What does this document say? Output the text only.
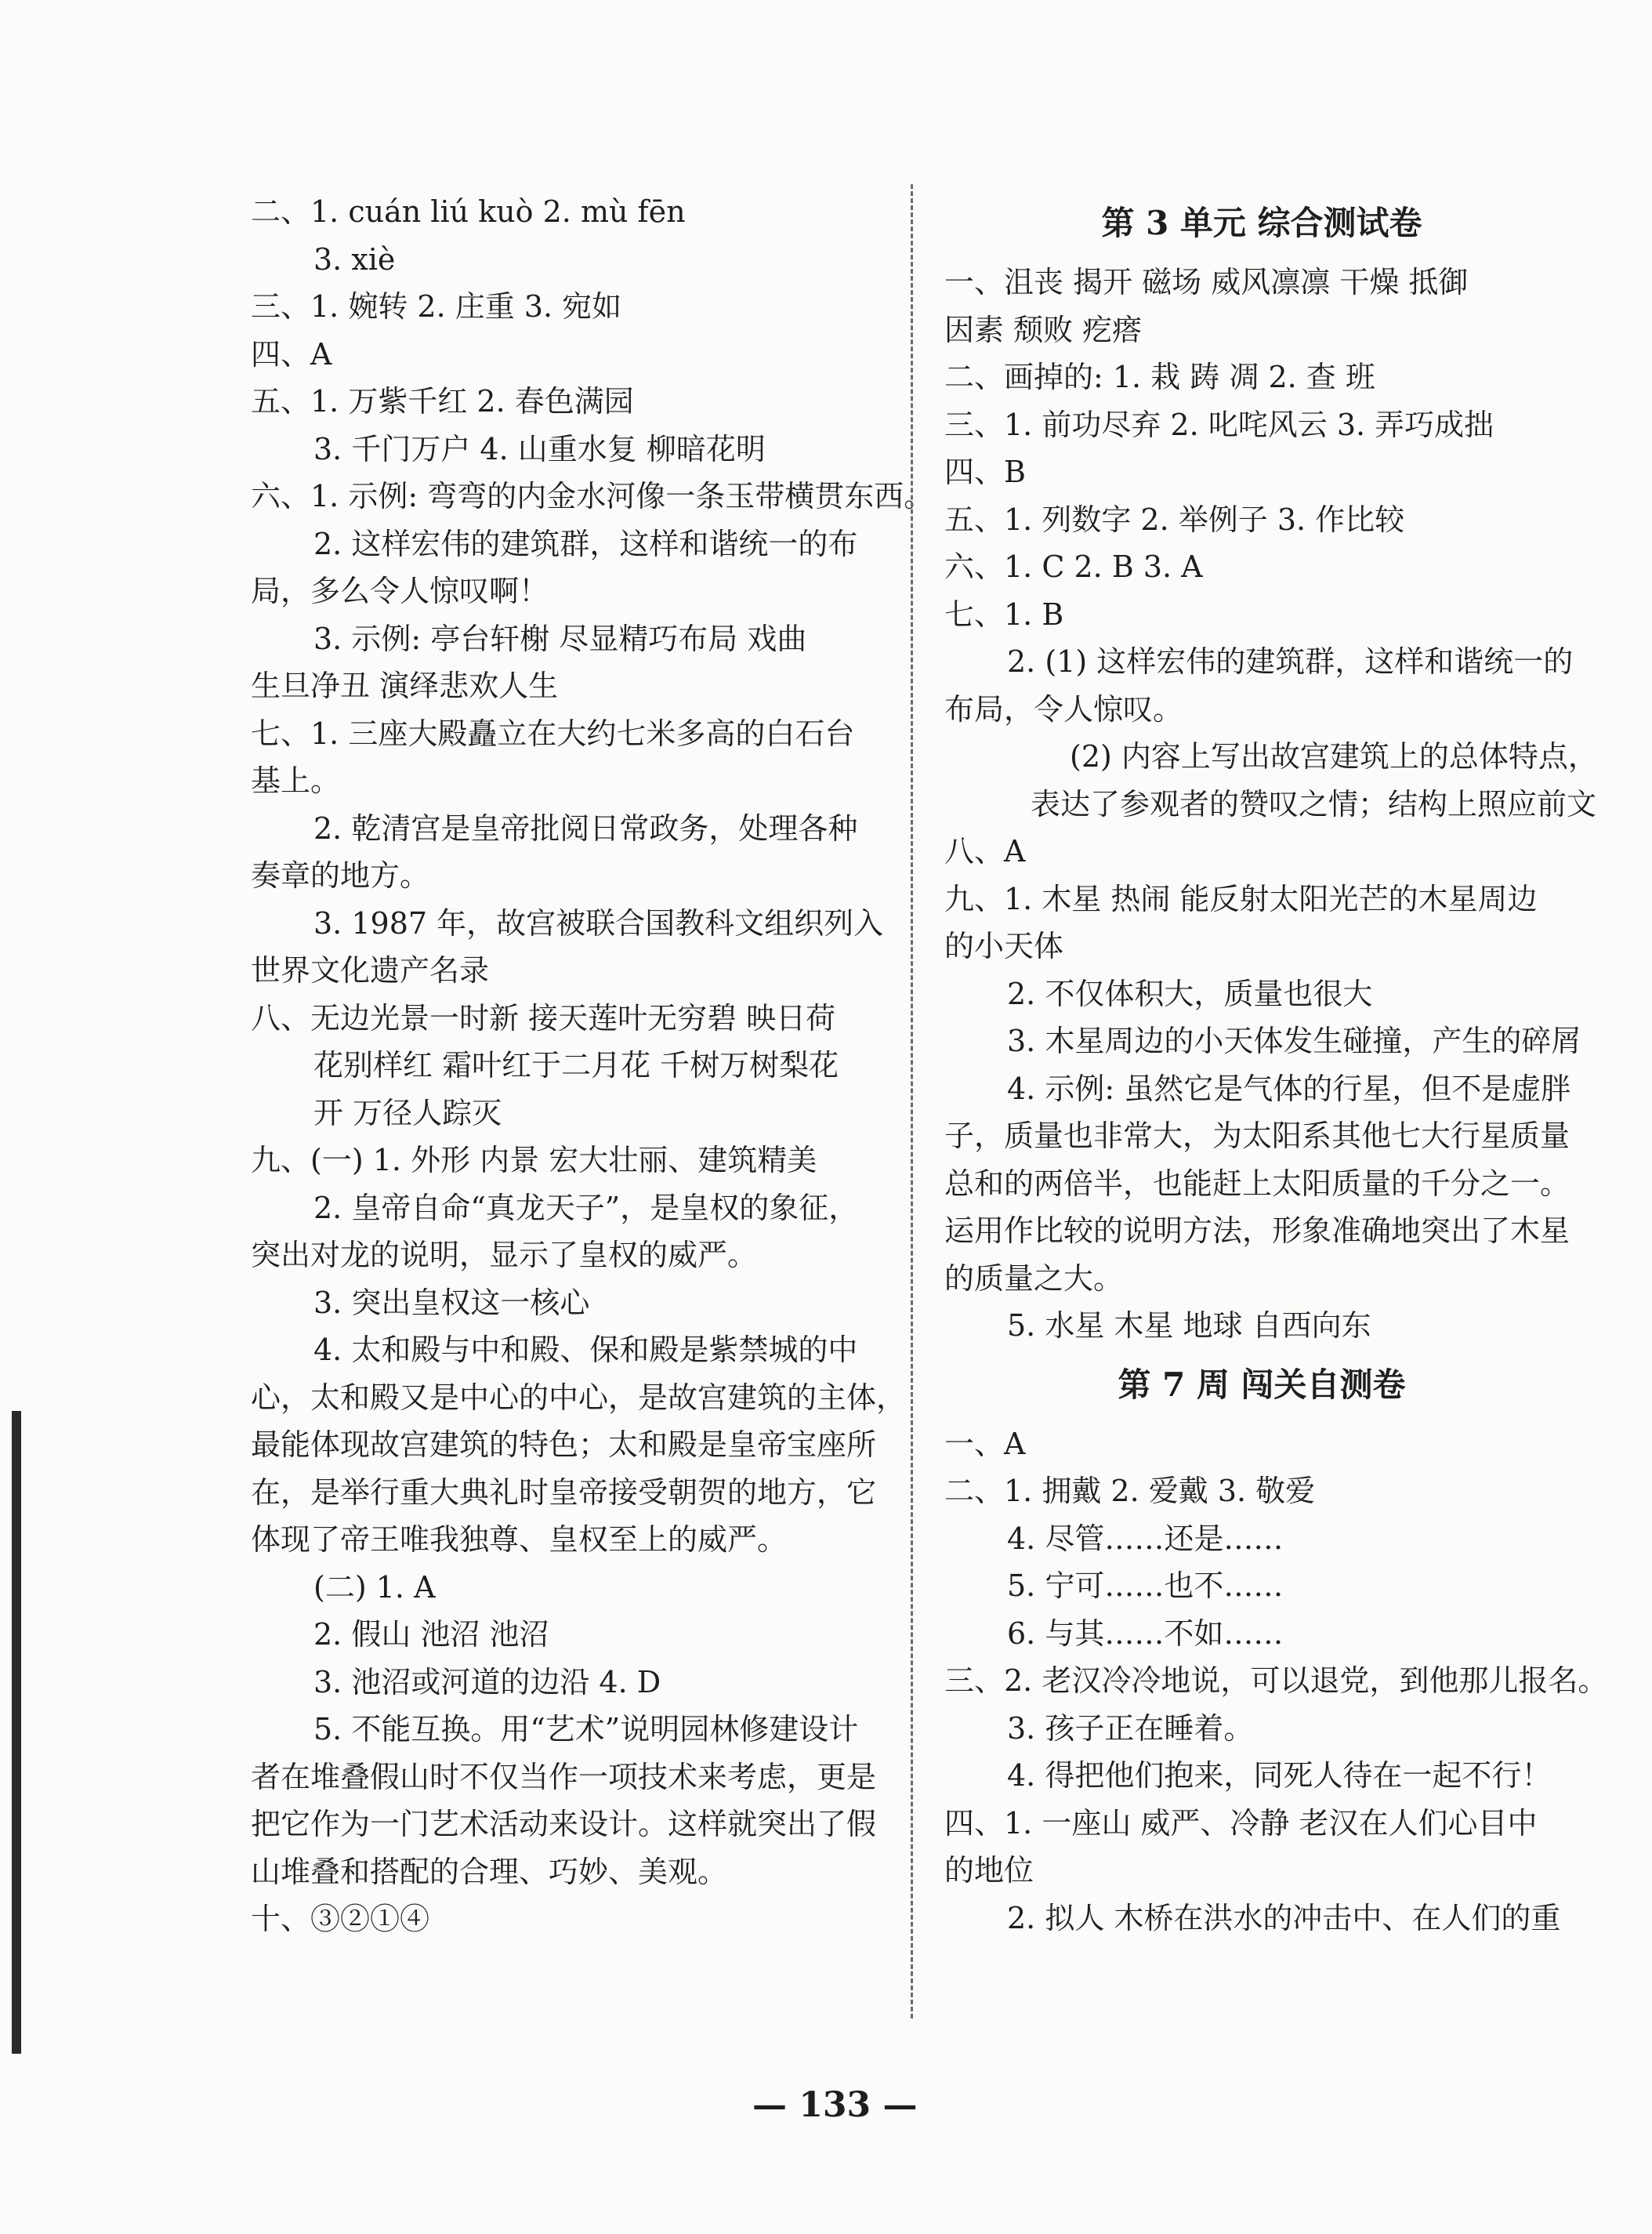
二、1. cuán liú kuò 2. mù fēn
3. xiè
三、1. 婉转 2. 庄重 3. 宛如
四、A
五、1. 万紫千红 2. 春色满园
3. 千门万户 4. 山重水复 柳暗花明
六、1. 示例: 弯弯的内金水河像一条玉带横贯东西。
2. 这样宏伟的建筑群，这样和谐统一的布
局，多么令人惊叹啊！
3. 示例: 亭台轩榭 尽显精巧布局 戏曲
生旦净丑 演绎悲欢人生
七、1. 三座大殿矗立在大约七米多高的白石台
基上。
2. 乾清宫是皇帝批阅日常政务，处理各种
奏章的地方。
3. 1987 年，故宫被联合国教科文组织列入
世界文化遗产名录
八、无边光景一时新 接天莲叶无穷碧 映日荷
花别样红 霜叶红于二月花 千树万树梨花
开 万径人踪灭
九、(一) 1. 外形 内景 宏大壮丽、建筑精美
2. 皇帝自命“真龙天子”，是皇权的象征，
突出对龙的说明，显示了皇权的威严。
3. 突出皇权这一核心
4. 太和殿与中和殿、保和殿是紫禁城的中
心，太和殿又是中心的中心，是故宫建筑的主体，
最能体现故宫建筑的特色；太和殿是皇帝宝座所
在，是举行重大典礼时皇帝接受朝贺的地方，它
体现了帝王唯我独尊、皇权至上的威严。
(二) 1. A
2. 假山 池沼 池沼
3. 池沼或河道的边沿 4. D
5. 不能互换。用“艺术”说明园林修建设计
者在堆叠假山时不仅当作一项技术来考虑，更是
把它作为一门艺术活动来设计。这样就突出了假
山堆叠和搭配的合理、巧妙、美观。
十、③②①④
第 3 单元 综合测试卷
一、沮丧 揭开 磁场 威风凛凛 干燥 抵御
因素 颓败 疙瘩
二、画掉的: 1. 栽 踌 凋 2. 查 班
三、1. 前功尽弃 2. 叱咤风云 3. 弄巧成拙
四、B
五、1. 列数字 2. 举例子 3. 作比较
六、1. C 2. B 3. A
七、1. B
2. (1) 这样宏伟的建筑群，这样和谐统一的
布局，令人惊叹。
(2) 内容上写出故宫建筑上的总体特点，
表达了参观者的赞叹之情；结构上照应前文
八、A
九、1. 木星 热闹 能反射太阳光芒的木星周边
的小天体
2. 不仅体积大，质量也很大
3. 木星周边的小天体发生碰撞，产生的碎屑
4. 示例: 虽然它是气体的行星，但不是虚胖
子，质量也非常大，为太阳系其他七大行星质量
总和的两倍半，也能赶上太阳质量的千分之一。
运用作比较的说明方法，形象准确地突出了木星
的质量之大。
5. 水星 木星 地球 自西向东
第 7 周 闯关自测卷
一、A
二、1. 拥戴 2. 爱戴 3. 敬爱
4. 尽管……还是……
5. 宁可……也不……
6. 与其……不如……
三、2. 老汉冷冷地说，可以退党，到他那儿报名。
3. 孩子正在睡着。
4. 得把他们抱来，同死人待在一起不行！
四、1. 一座山 威严、冷静 老汉在人们心目中
的地位
2. 拟人 木桥在洪水的冲击中、在人们的重
— 133 —
